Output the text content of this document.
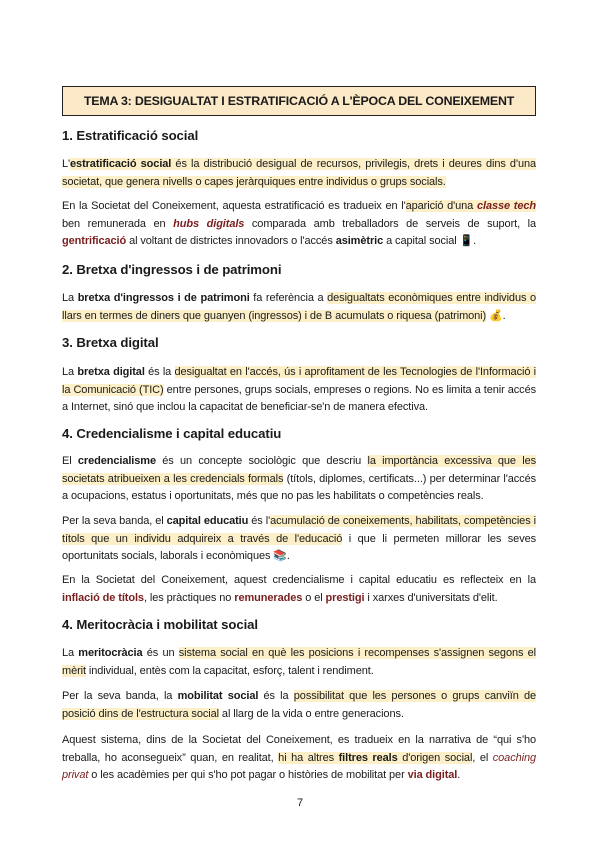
TEMA 3: DESIGUALTAT I ESTRATIFICACIÓ A L'ÈPOCA DEL CONEIXEMENT
1. Estratificació social

L'estratificació social és la distribució desigual de recursos, privilegis, drets i deures dins d'una societat, que genera nivells o capes jeràrquiques entre individus o grups socials.

En la Societat del Coneixement, aquesta estratificació es tradueix en l'aparició d'una classe tech ben remunerada en hubs digitals comparada amb treballadors de serveis de suport, la gentrificació al voltant de districtes innovadors o l'accés asimètric a capital social 📱.

2. Bretxa d'ingressos i de patrimoni

La bretxa d'ingressos i de patrimoni fa referència a desigualtats econòmiques entre individus o llars en termes de diners que guanyen (ingressos) i de B acumulats o riquesa (patrimoni) 💰.

3. Bretxa digital

La bretxa digital és la desigualtat en l'accés, ús i aprofitament de les Tecnologies de l'Informació i la Comunicació (TIC) entre persones, grups socials, empreses o regions. No es limita a tenir accés a Internet, sinó que inclou la capacitat de beneficiar-se'n de manera efectiva.

4. Credencialisme i capital educatiu

El credencialisme és un concepte sociològic que descriu la importància excessiva que les societats atribueixen a les credencials formals (títols, diplomes, certificats...) per determinar l'accés a ocupacions, estatus i oportunitats, més que no pas les habilitats o competències reals.

Per la seva banda, el capital educatiu és l'acumulació de coneixements, habilitats, competències i títols que un individu adquireix a través de l'educació i que li permeten millorar les seves oportunitats socials, laborals i econòmiques 📚.

En la Societat del Coneixement, aquest credencialisme i capital educatiu es reflecteix en la inflació de títols, les pràctiques no remunerades o el prestigi i xarxes d'universitats d'elit.

4. Meritocràcia i mobilitat social

La meritocràcia és un sistema social en què les posicions i recompenses s'assignen segons el mèrit individual, entès com la capacitat, esforç, talent i rendiment.

Per la seva banda, la mobilitat social és la possibilitat que les persones o grups canviïn de posició dins de l'estructura social al llarg de la vida o entre generacions.

Aquest sistema, dins de la Societat del Coneixement, es tradueix en la narrativa de “qui s'ho treballa, ho aconsegueix” quan, en realitat, hi ha altres filtres reals d'origen social, el coaching privat o les acadèmies per qui s'ho pot pagar o històries de mobilitat per via digital.

7
